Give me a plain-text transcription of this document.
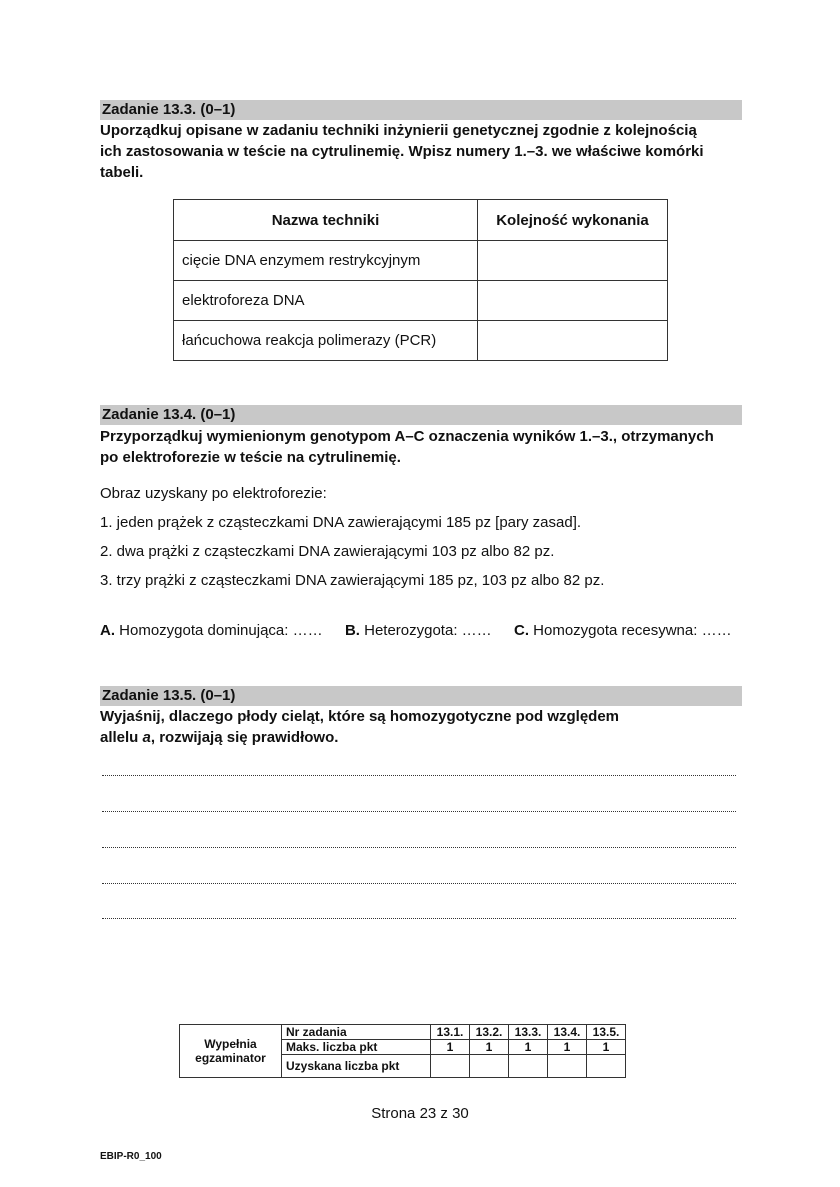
Zadanie 13.3. (0–1)
Uporządkuj opisane w zadaniu techniki inżynierii genetycznej zgodnie z kolejnością
ich zastosowania w teście na cytrulinemię. Wpisz numery 1.–3. we właściwe komórki
tabeli.
Nazwa techniki	Kolejność wykonania
cięcie DNA enzymem restrykcyjnym	
elektroforeza DNA	
łańcuchowa reakcja polimerazy (PCR)	
Zadanie 13.4. (0–1)
Przyporządkuj wymienionym genotypom A–C oznaczenia wyników 1.–3., otrzymanych
po elektroforezie w teście na cytrulinemię.
Obraz uzyskany po elektroforezie:
1. jeden prążek z cząsteczkami DNA zawierającymi 185 pz [pary zasad].
2. dwa prążki z cząsteczkami DNA zawierającymi 103 pz albo 82 pz.
3. trzy prążki z cząsteczkami DNA zawierającymi 185 pz, 103 pz albo 82 pz.
A. Homozygota dominująca: …… B. Heterozygota: …… C. Homozygota recesywna: ……
Zadanie 13.5. (0–1)
Wyjaśnij, dlaczego płody cieląt, które są homozygotyczne pod względem
allelu a, rozwijają się prawidłowo.
Wypełnia
egzaminator	Nr zadania	13.1.	13.2.	13.3.	13.4.	13.5.
	Maks. liczba pkt	1	1	1	1	1
	Uzyskana liczba pkt					
Strona 23 z 30
EBIP-R0_100
